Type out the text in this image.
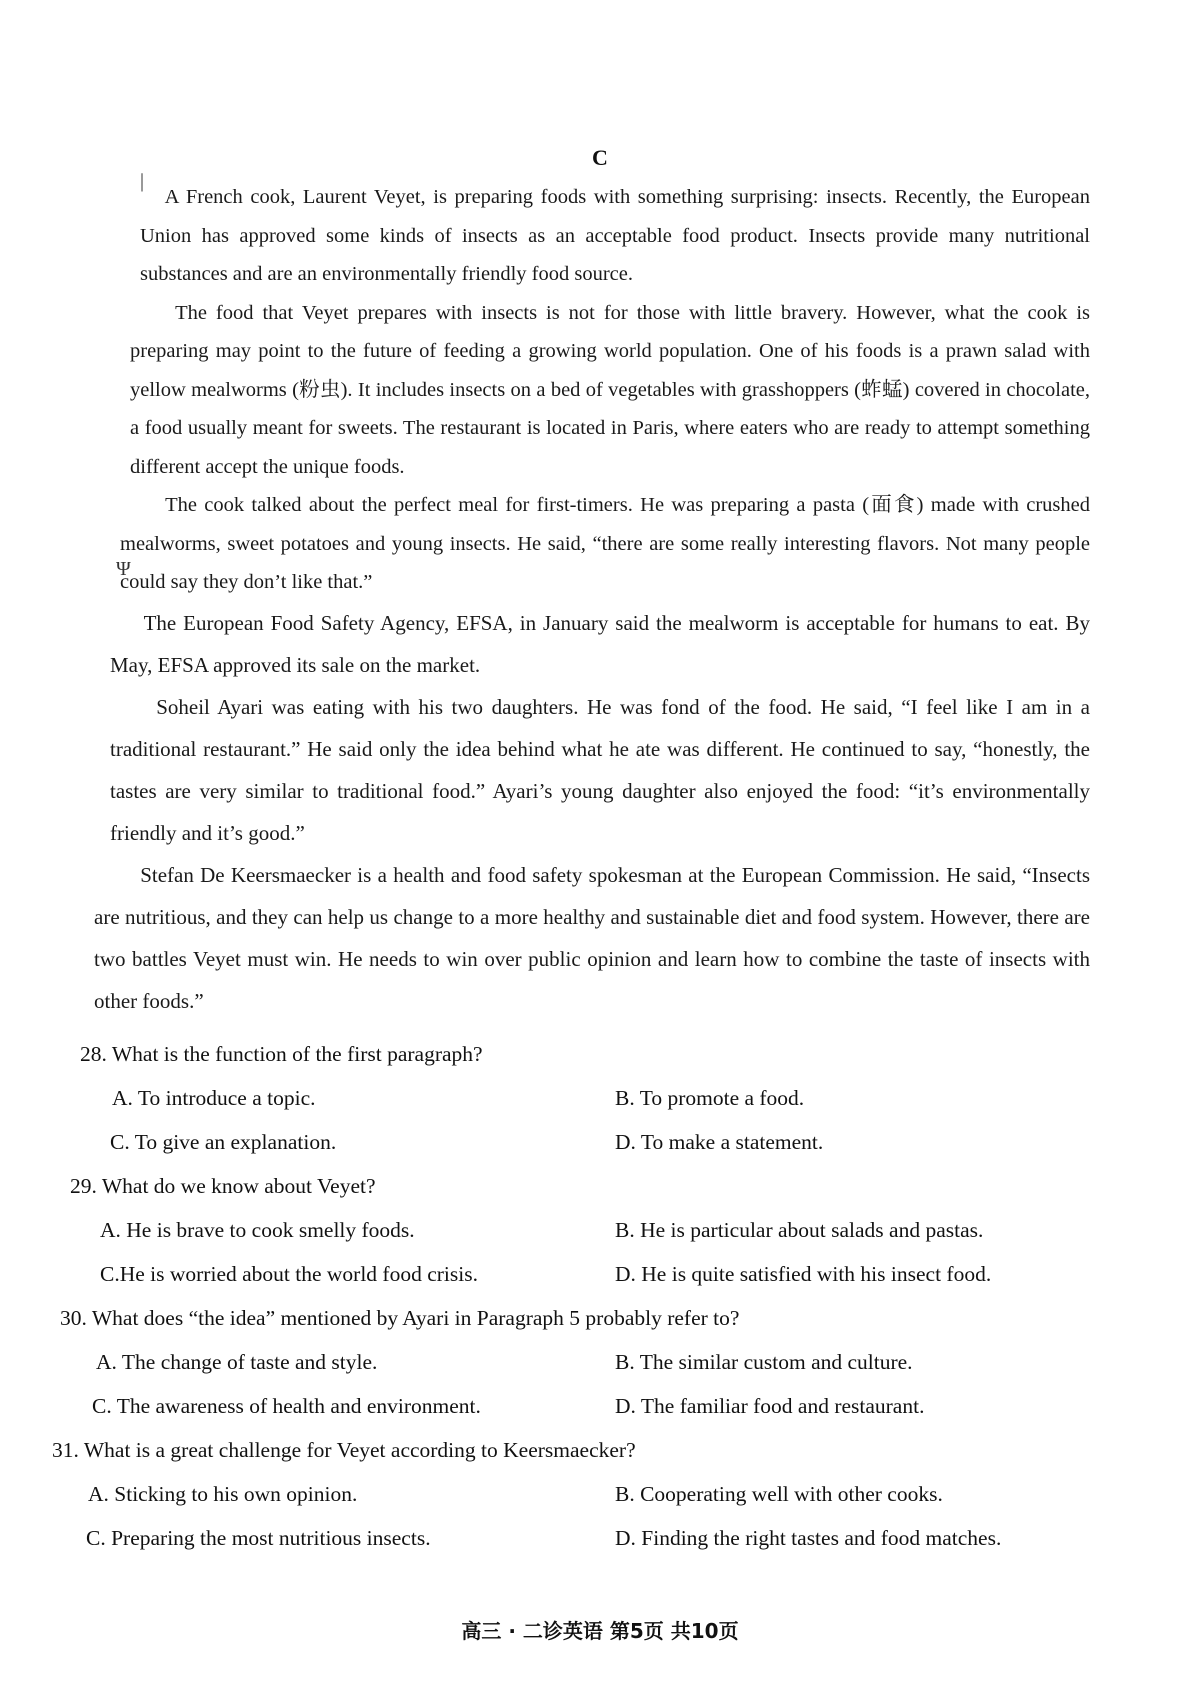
C
|
Ψ

A French cook, Laurent Veyet, is preparing foods with something surprising: insects. Recently, the European Union has approved some kinds of insects as an acceptable food product. Insects provide many nutritional substances and are an environmentally friendly food source.

The food that Veyet prepares with insects is not for those with little bravery. However, what the cook is preparing may point to the future of feeding a growing world population. One of his foods is a prawn salad with yellow mealworms (粉虫). It includes insects on a bed of vegetables with grasshoppers (蚱蜢) covered in chocolate, a food usually meant for sweets. The restaurant is located in Paris, where eaters who are ready to attempt something different accept the unique foods.

The cook talked about the perfect meal for first-timers. He was preparing a pasta (面食) made with crushed mealworms, sweet potatoes and young insects. He said, “there are some really interesting flavors. Not many people could say they don’t like that.”

The European Food Safety Agency, EFSA, in January said the mealworm is acceptable for humans to eat. By May, EFSA approved its sale on the market.

Soheil Ayari was eating with his two daughters. He was fond of the food. He said, “I feel like I am in a traditional restaurant.” He said only the idea behind what he ate was different. He continued to say, “honestly, the tastes are very similar to traditional food.” Ayari’s young daughter also enjoyed the food: “it’s environmentally friendly and it’s good.”

Stefan De Keersmaecker is a health and food safety spokesman at the European Commission. He said, “Insects are nutritious, and they can help us change to a more healthy and sustainable diet and food system. However, there are two battles Veyet must win. He needs to win over public opinion and learn how to combine the taste of insects with other foods.”

28. What is the function of the first paragraph?
A. To introduce a topic.	B. To promote a food.
C. To give an explanation.	D. To make a statement.
29. What do we know about Veyet?
A. He is brave to cook smelly foods.	B. He is particular about salads and pastas.
C.He is worried about the world food crisis.	D. He is quite satisfied with his insect food.
30. What does “the idea” mentioned by Ayari in Paragraph 5 probably refer to?
A. The change of taste and style.	B. The similar custom and culture.
C. The awareness of health and environment.	D. The familiar food and restaurant.
31. What is a great challenge for Veyet according to Keersmaecker?
A. Sticking to his own opinion.	B. Cooperating well with other cooks.
C. Preparing the most nutritious insects.	D. Finding the right tastes and food matches.
高三 · 二诊英语 第5页 共10页
